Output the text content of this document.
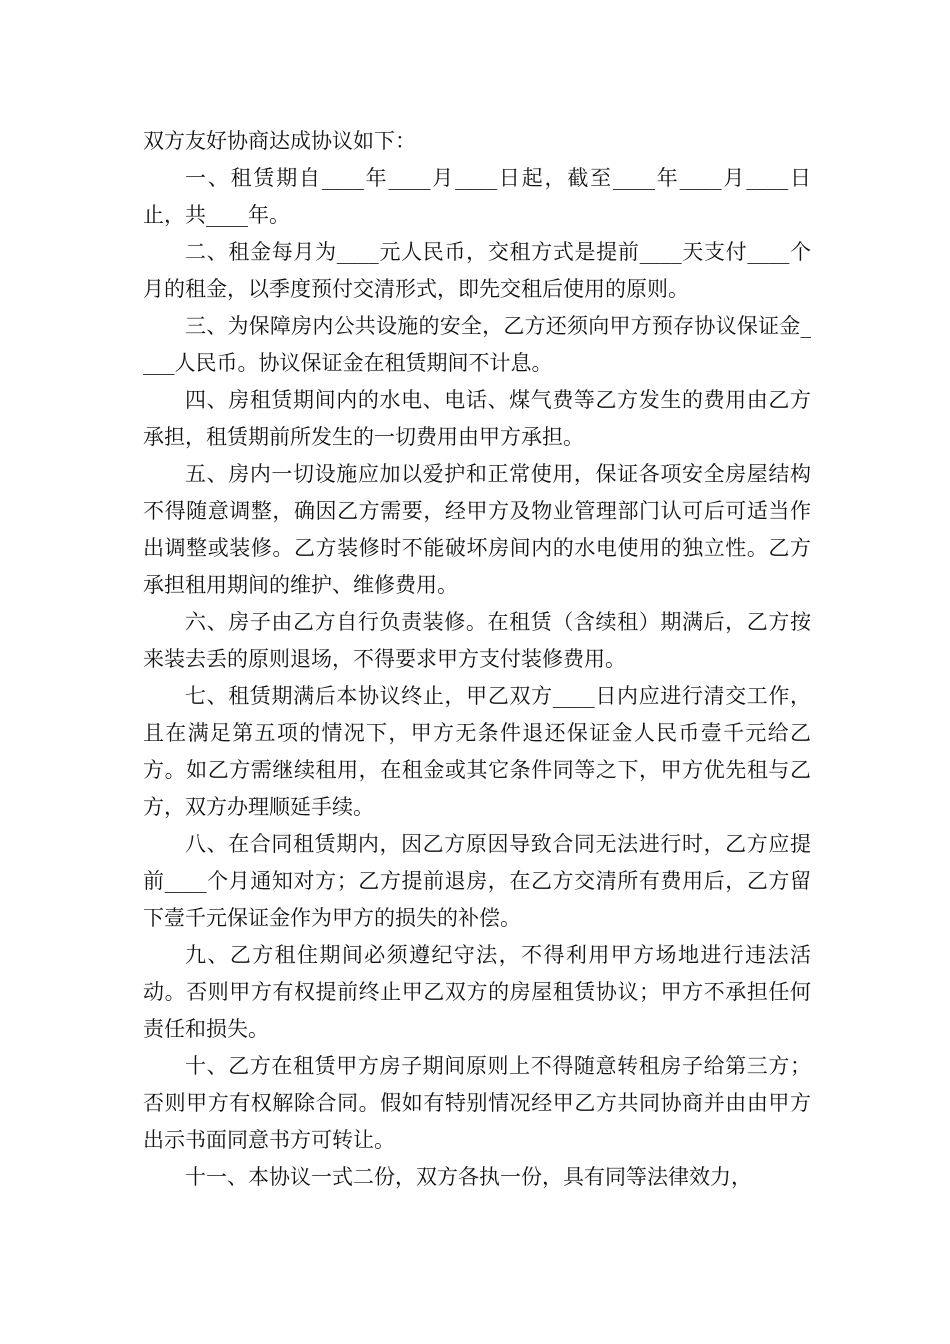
双方友好协商达成协议如下：

一、租赁期自____年____月____日起，截至____年____月____日止，共____年。

二、租金每月为____元人民币，交租方式是提前____天支付____个月的租金，以季度预付交清形式，即先交租后使用的原则。

三、为保障房内公共设施的安全，乙方还须向甲方预存协议保证金____人民币。协议保证金在租赁期间不计息。

四、房租赁期间内的水电、电话、煤气费等乙方发生的费用由乙方承担，租赁期前所发生的一切费用由甲方承担。

五、房内一切设施应加以爱护和正常使用，保证各项安全房屋结构不得随意调整，确因乙方需要，经甲方及物业管理部门认可后可适当作出调整或装修。乙方装修时不能破坏房间内的水电使用的独立性。乙方承担租用期间的维护、维修费用。

六、房子由乙方自行负责装修。在租赁（含续租）期满后，乙方按来装去丢的原则退场，不得要求甲方支付装修费用。

七、租赁期满后本协议终止，甲乙双方____日内应进行清交工作，且在满足第五项的情况下，甲方无条件退还保证金人民币壹千元给乙方。如乙方需继续租用，在租金或其它条件同等之下，甲方优先租与乙方，双方办理顺延手续。

八、在合同租赁期内，因乙方原因导致合同无法进行时，乙方应提前____个月通知对方；乙方提前退房，在乙方交清所有费用后，乙方留下壹千元保证金作为甲方的损失的补偿。

九、乙方租住期间必须遵纪守法，不得利用甲方场地进行违法活动。否则甲方有权提前终止甲乙双方的房屋租赁协议；甲方不承担任何责任和损失。

十、乙方在租赁甲方房子期间原则上不得随意转租房子给第三方；否则甲方有权解除合同。假如有特别情况经甲乙方共同协商并由由甲方出示书面同意书方可转让。

十一、本协议一式二份，双方各执一份，具有同等法律效力，
